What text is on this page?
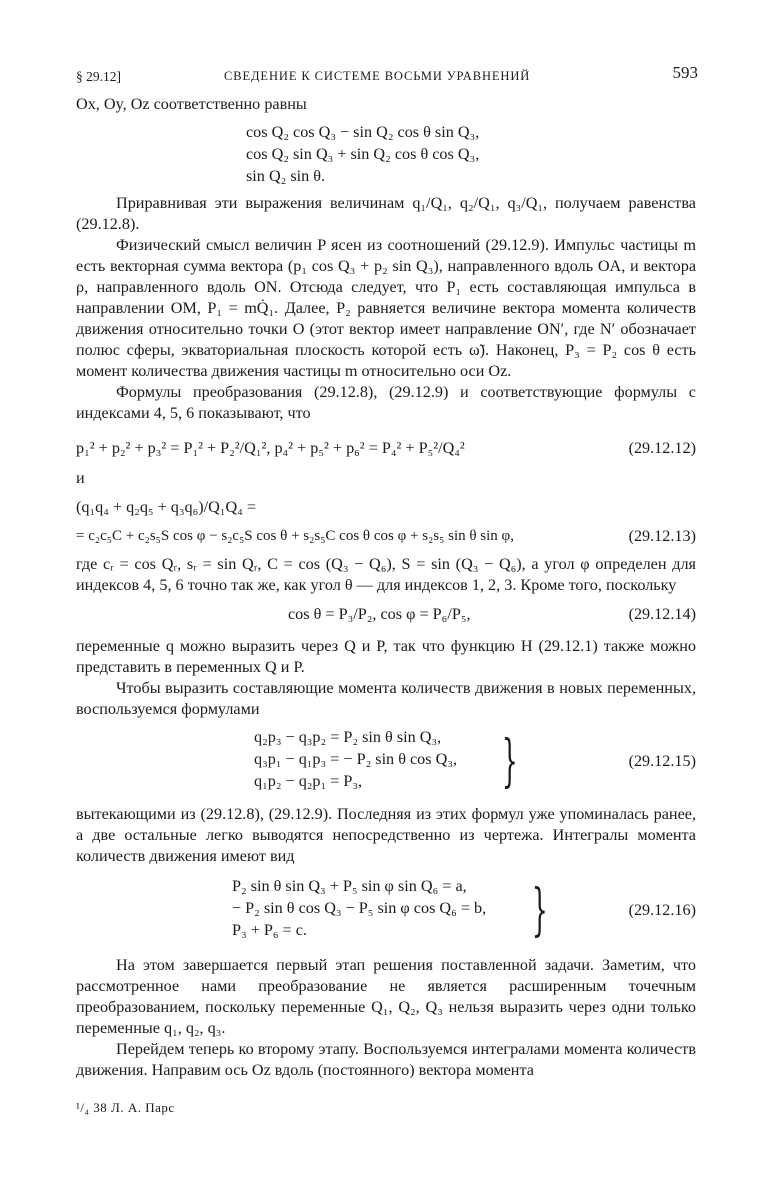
§ 29.12]	СВЕДЕНИЕ К СИСТЕМЕ ВОСЬМИ УРАВНЕНИЙ	593

Ox, Oy, Oz соответственно равны

cos Q₂ cos Q₃ − sin Q₂ cos θ sin Q₃,
cos Q₂ sin Q₃ + sin Q₂ cos θ cos Q₃,
sin Q₂ sin θ.

Приравнивая эти выражения величинам q₁/Q₁, q₂/Q₁, q₃/Q₁, получаем равенства (29.12.8).

Физический смысл величин P ясен из соотношений (29.12.9). Импульс частицы m есть векторная сумма вектора (p₁ cos Q₃ + p₂ sin Q₃), направленного вдоль OA, и вектора ρ, направленного вдоль ON. Отсюда следует, что P₁ есть составляющая импульса в направлении OM, P₁ = mQ̇₁. Далее, P₂ равняется величине вектора момента количеств движения относительно точки O (этот вектор имеет направление ON′, где N′ обозначает полюс сферы, экваториальная плоскость которой есть ω̃). Наконец, P₃ = P₂ cos θ есть момент количества движения частицы m относительно оси Oz.

Формулы преобразования (29.12.8), (29.12.9) и соответствующие формулы с индексами 4, 5, 6 показывают, что

p₁² + p₂² + p₃² = P₁² + P₂²/Q₁², p₄² + p₅² + p₆² = P₄² + P₅²/Q₄²	(29.12.12)

и

(q₁q₄ + q₂q₅ + q₃q₆)/Q₁Q₄ =
= c₂c₅C + c₂s₅S cos φ − s₂c₅S cos θ + s₂s₅C cos θ cos φ + s₂s₅ sin θ sin φ,	(29.12.13)

где cᵣ = cos Qᵣ, sᵣ = sin Qᵣ, C = cos (Q₃ − Q₆), S = sin (Q₃ − Q₆), а угол φ определен для индексов 4, 5, 6 точно так же, как угол θ — для индексов 1, 2, 3. Кроме того, поскольку

cos θ = P₃/P₂, cos φ = P₆/P₅,	(29.12.14)

переменные q можно выразить через Q и P, так что функцию H (29.12.1) также можно представить в переменных Q и P.

Чтобы выразить составляющие момента количеств движения в новых переменных, воспользуемся формулами

q₂p₃ − q₃p₂ = P₂ sin θ sin Q₃,
q₃p₁ − q₁p₃ = − P₂ sin θ cos Q₃,
q₁p₂ − q₂p₁ = P₃,	}	(29.12.15)

вытекающими из (29.12.8), (29.12.9). Последняя из этих формул уже упоминалась ранее, а две остальные легко выводятся непосредственно из чертежа. Интегралы момента количеств движения имеют вид

P₂ sin θ sin Q₃ + P₅ sin φ sin Q₆ = a,
− P₂ sin θ cos Q₃ − P₅ sin φ cos Q₆ = b,
P₃ + P₆ = c.	}	(29.12.16)

На этом завершается первый этап решения поставленной задачи. Заметим, что рассмотренное нами преобразование не является расширенным точечным преобразованием, поскольку переменные Q₁, Q₂, Q₃ нельзя выразить через одни только переменные q₁, q₂, q₃.

Перейдем теперь ко второму этапу. Воспользуемся интегралами момента количеств движения. Направим ось Oz вдоль (постоянного) вектора момента

¹/₄ 38 Л. А. Парс
